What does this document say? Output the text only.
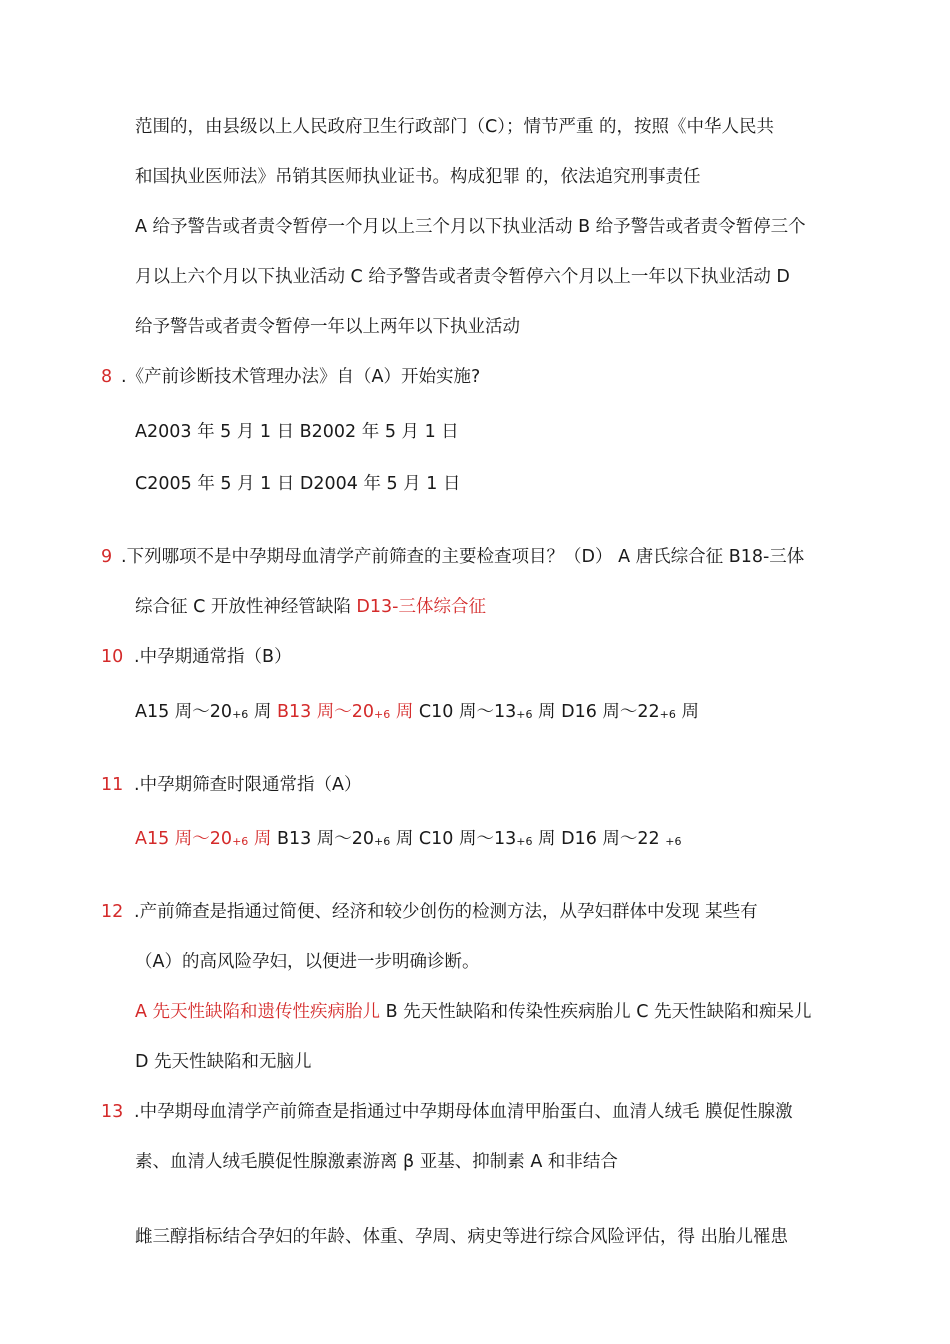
范围的，由县级以上人民政府卫生行政部门（C）；情节严重 的，按照《中华人民共
和国执业医师法》吊销其医师执业证书。构成犯罪 的，依法追究刑事责任
A 给予警告或者责令暂停一个月以上三个月以下执业活动 B 给予警告或者责令暂停三个
月以上六个月以下执业活动 C 给予警告或者责令暂停六个月以上一年以下执业活动 D
给予警告或者责令暂停一年以上两年以下执业活动
8 .《产前诊断技术管理办法》自（A）开始实施?
A2003 年 5 月 1 日 B2002 年 5 月 1 日
C2005 年 5 月 1 日 D2004 年 5 月 1 日
9 .下列哪项不是中孕期母血清学产前筛查的主要检查项目？（D） A 唐氏综合征 B18-三体
综合征 C 开放性神经管缺陷 D13-三体综合征
10 .中孕期通常指（B）
A15 周$\sim 20_{+6}$ 周 B13 周$\sim 20_{+6}$ 周 C10 周$\sim 13_{+6}$ 周 D16 周$\sim 22_{+6}$ 周
11 .中孕期筛查时限通常指（A）
A15 周$\sim 20_{+6}$ 周 B13 周$\sim 20_{+6}$ 周 C10 周$\sim 13_{+6}$ 周 D16 周～22 $_{+6}$
12 .产前筛查是指通过简便、经济和较少创伤的检测方法，从孕妇群体中发现 某些有
（A）的高风险孕妇，以便进一步明确诊断。
A 先天性缺陷和遗传性疾病胎儿 B 先天性缺陷和传染性疾病胎儿 C 先天性缺陷和痴呆儿
D 先天性缺陷和无脑儿
13 .中孕期母血清学产前筛查是指通过中孕期母体血清甲胎蛋白、血清人绒毛 膜促性腺激
素、血清人绒毛膜促性腺激素游离 β 亚基、抑制素 A 和非结合
雌三醇指标结合孕妇的年龄、体重、孕周、病史等进行综合风险评估，得 出胎儿罹患
